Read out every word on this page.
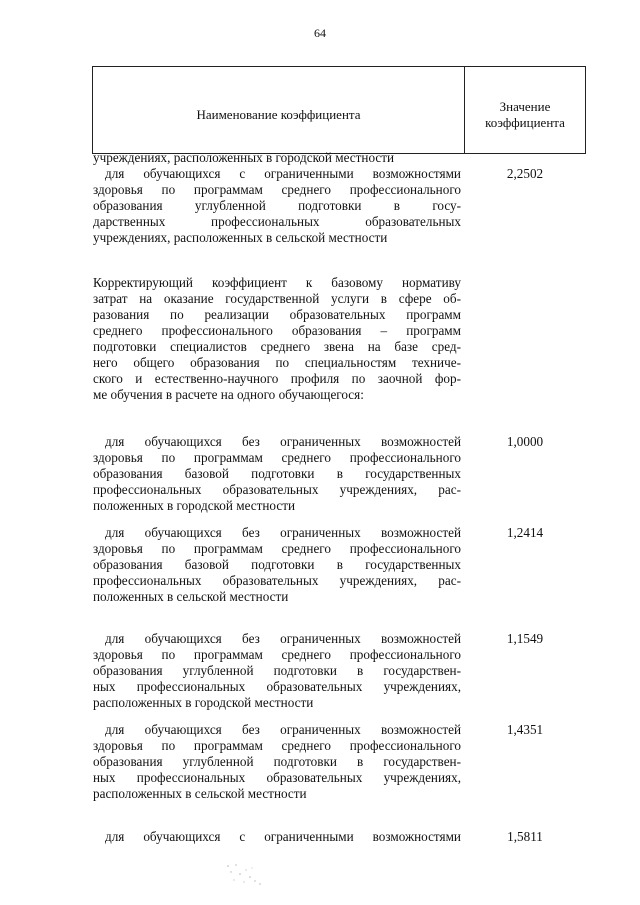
64
Наименование коэффициента
Значение
коэффициента
учреждениях, расположенных в городской местности
для обучающихся с ограниченными возможностями
здоровья по программам среднего профессионального
образования углубленной подготовки в госу-
дарственных профессиональных образовательных
учреждениях, расположенных в сельской местности
2,2502
Корректирующий коэффициент к базовому нормативу
затрат на оказание государственной услуги в сфере об-
разования по реализации образовательных программ
среднего профессионального образования – программ
подготовки специалистов среднего звена на базе сред-
него общего образования по специальностям техниче-
ского и естественно-научного профиля по заочной фор-
ме обучения в расчете на одного обучающегося:
для обучающихся без ограниченных возможностей
здоровья по программам среднего профессионального
образования базовой подготовки в государственных
профессиональных образовательных учреждениях, рас-
положенных в городской местности
1,0000
для обучающихся без ограниченных возможностей
здоровья по программам среднего профессионального
образования базовой подготовки в государственных
профессиональных образовательных учреждениях, рас-
положенных в сельской местности
1,2414
для обучающихся без ограниченных возможностей
здоровья по программам среднего профессионального
образования углубленной подготовки в государствен-
ных профессиональных образовательных учреждениях,
расположенных в городской местности
1,1549
для обучающихся без ограниченных возможностей
здоровья по программам среднего профессионального
образования углубленной подготовки в государствен-
ных профессиональных образовательных учреждениях,
расположенных в сельской местности
1,4351
для обучающихся с ограниченными возможностями	1,5811
